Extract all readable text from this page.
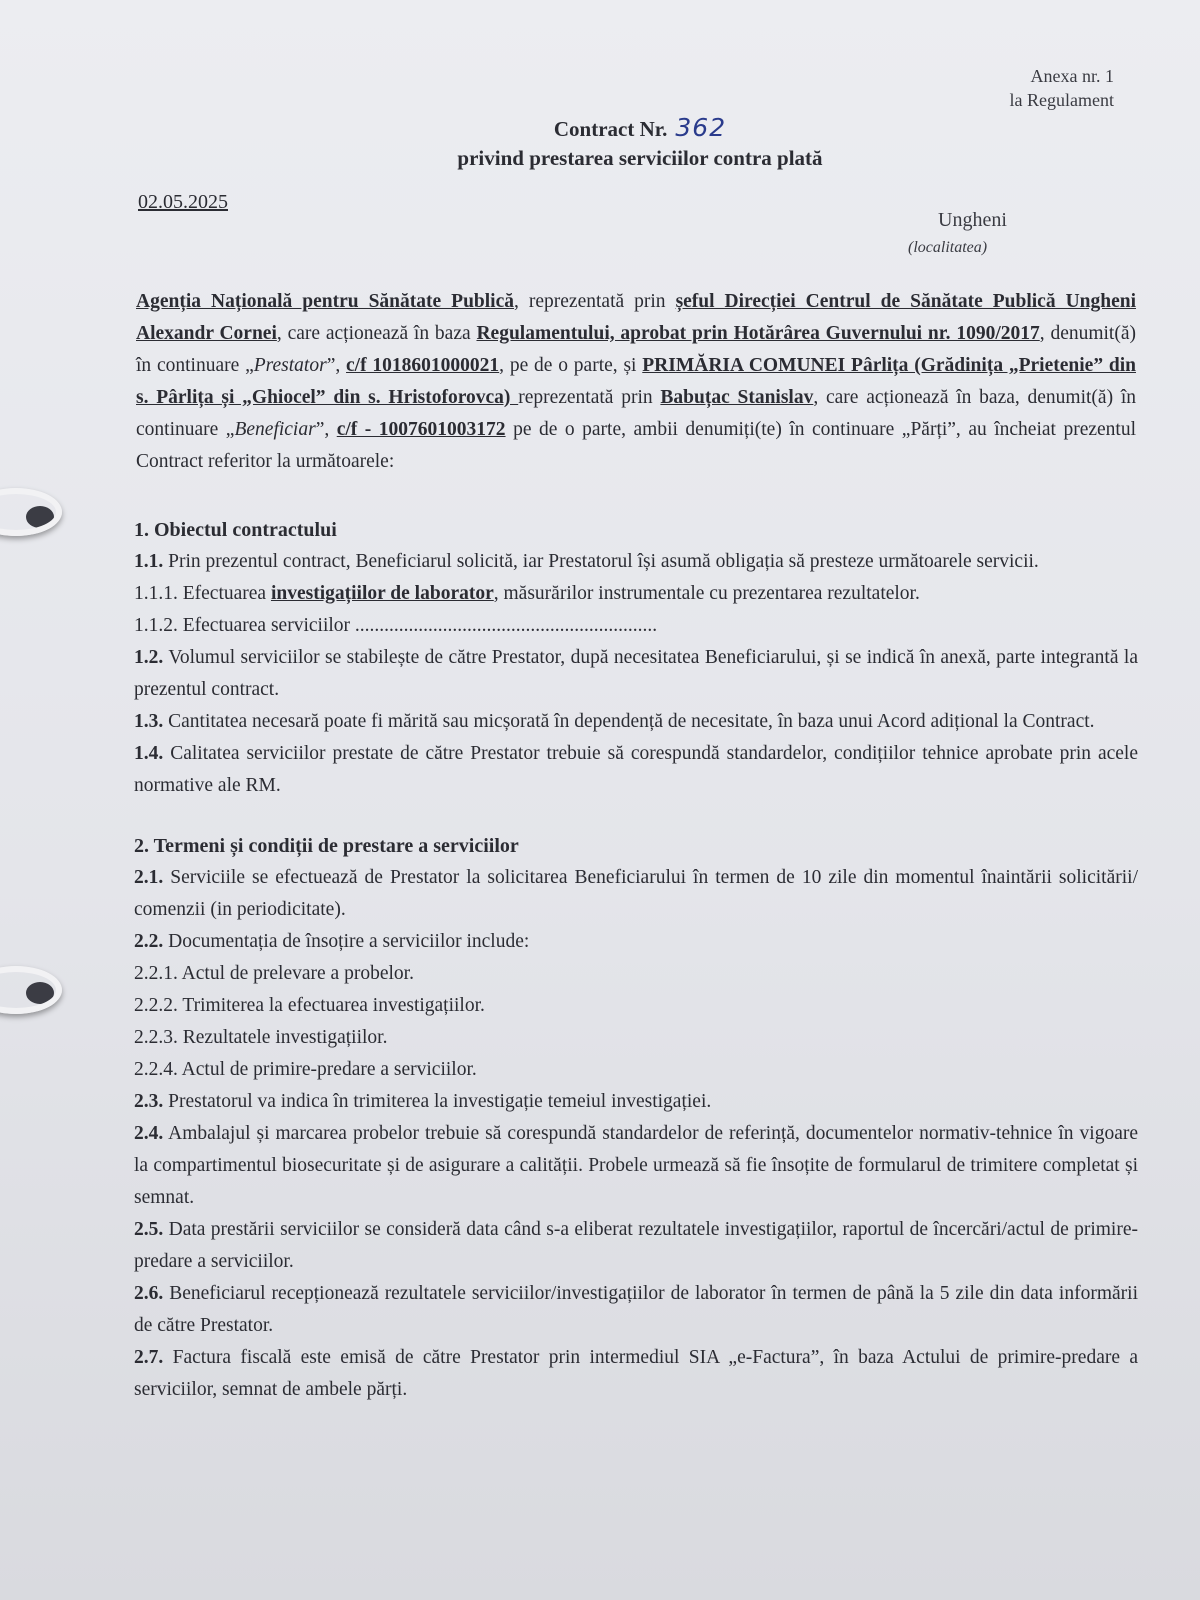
Anexa nr. 1
la Regulament
Contract Nr. 362
privind prestarea serviciilor contra plată
02.05.2025
Ungheni
(localitatea)

Agenția Națională pentru Sănătate Publică, reprezentată prin șeful Direcției Centrul de Sănătate Publică Ungheni Alexandr Cornei, care acționează în baza Regulamentului, aprobat prin Hotărârea Guvernului nr. 1090/2017, denumit(ă) în continuare „Prestator”, c/f 1018601000021, pe de o parte, și PRIMĂRIA COMUNEI Pârlița (Grădinița „Prietenie” din s. Pârlița și „Ghiocel” din s. Hristoforovca) reprezentată prin Babuțac Stanislav, care acționează în baza, denumit(ă) în continuare „Beneficiar”, c/f - 1007601003172 pe de o parte, ambii denumiți(te) în continuare „Părți”, au încheiat prezentul Contract referitor la următoarele:

1. Obiectul contractului

1.1. Prin prezentul contract, Beneficiarul solicită, iar Prestatorul își asumă obligația să presteze următoarele servicii.

1.1.1. Efectuarea investigațiilor de laborator, măsurărilor instrumentale cu prezentarea rezultatelor.

1.1.2. Efectuarea serviciilor ..............................................................

1.2. Volumul serviciilor se stabilește de către Prestator, după necesitatea Beneficiarului, și se indică în anexă, parte integrantă la prezentul contract.

1.3. Cantitatea necesară poate fi mărită sau micșorată în dependență de necesitate, în baza unui Acord adițional la Contract.

1.4. Calitatea serviciilor prestate de către Prestator trebuie să corespundă standardelor, condițiilor tehnice aprobate prin acele normative ale RM.

2. Termeni și condiții de prestare a serviciilor

2.1. Serviciile se efectuează de Prestator la solicitarea Beneficiarului în termen de 10 zile din momentul înaintării solicitării/ comenzii (in periodicitate).

2.2. Documentația de însoțire a serviciilor include:

2.2.1. Actul de prelevare a probelor.

2.2.2. Trimiterea la efectuarea investigațiilor.

2.2.3. Rezultatele investigațiilor.

2.2.4. Actul de primire-predare a serviciilor.

2.3. Prestatorul va indica în trimiterea la investigație temeiul investigației.

2.4. Ambalajul și marcarea probelor trebuie să corespundă standardelor de referință, documentelor normativ-tehnice în vigoare la compartimentul biosecuritate și de asigurare a calității. Probele urmează să fie însoțite de formularul de trimitere completat și semnat.

2.5. Data prestării serviciilor se consideră data când s-a eliberat rezultatele investigațiilor, raportul de încercări/actul de primire-predare a serviciilor.

2.6. Beneficiarul recepționează rezultatele serviciilor/investigațiilor de laborator în termen de până la 5 zile din data informării de către Prestator.

2.7. Factura fiscală este emisă de către Prestator prin intermediul SIA „e-Factura”, în baza Actului de primire-predare a serviciilor, semnat de ambele părți.
